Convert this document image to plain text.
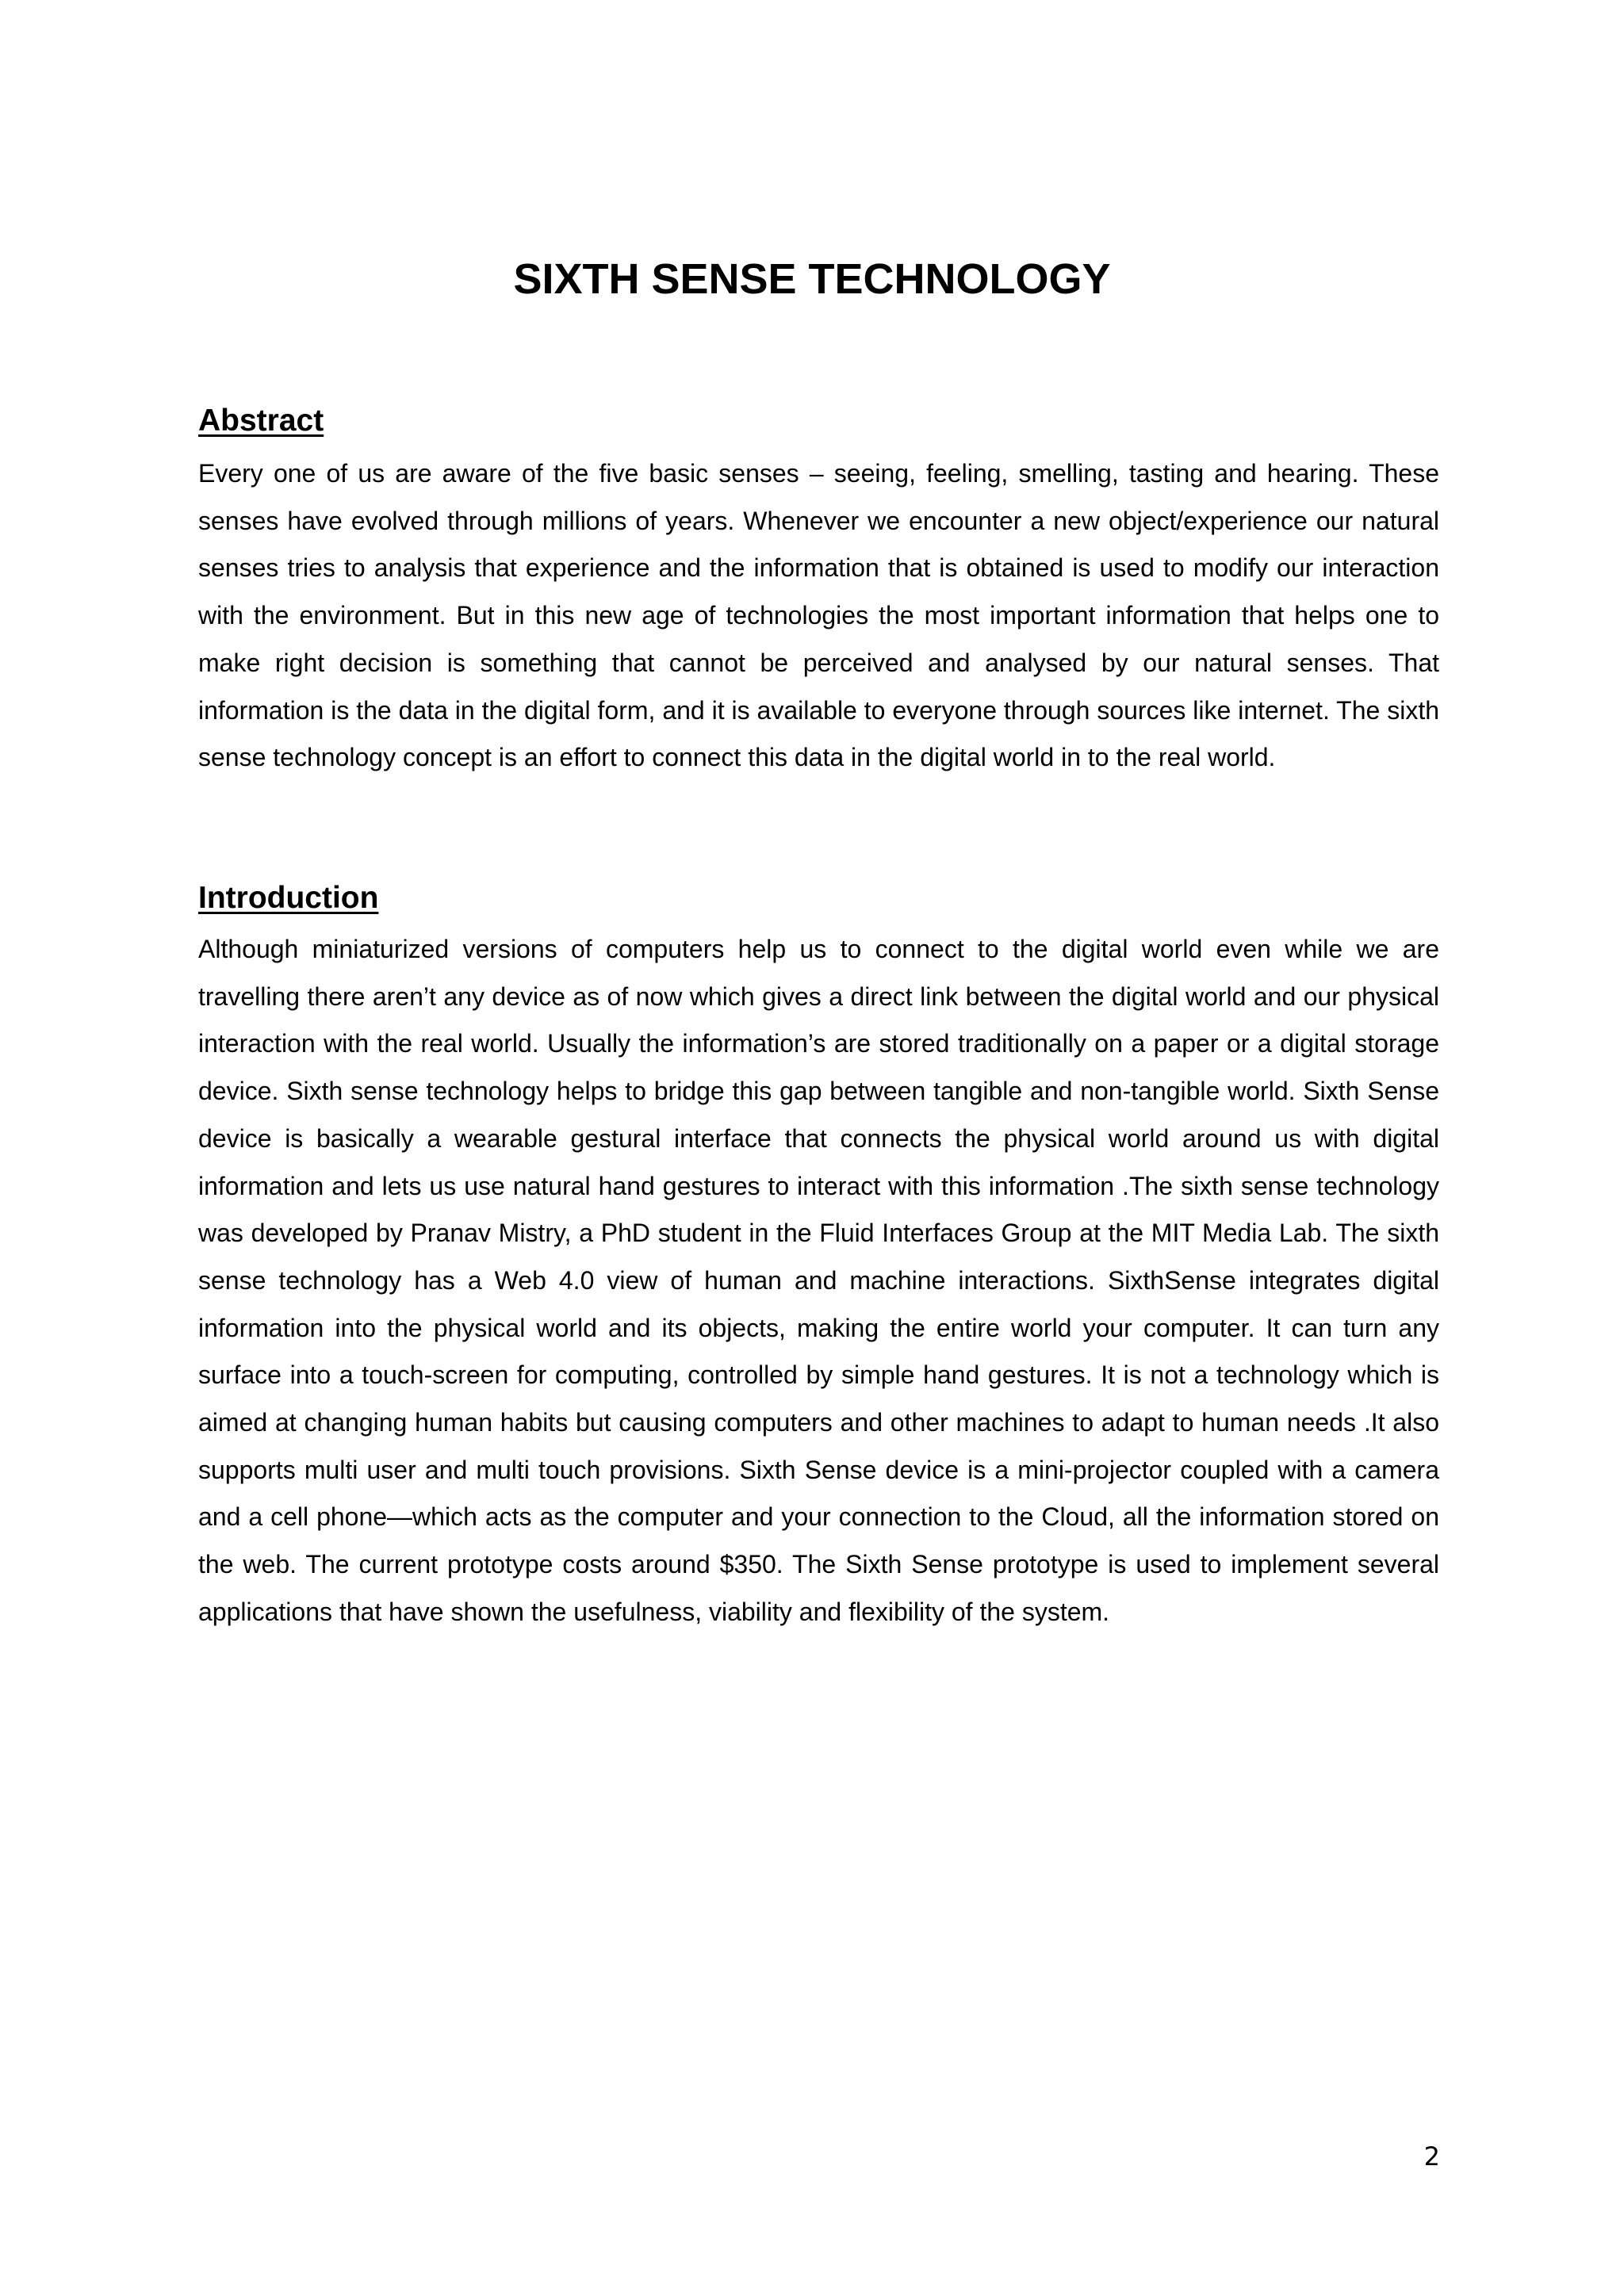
SIXTH SENSE TECHNOLOGY
Abstract

Every one of us are aware of the five basic senses – seeing, feeling, smelling, tasting and hearing. These senses have evolved through millions of years. Whenever we encounter a new object/experience our natural senses tries to analysis that experience and the information that is obtained is used to modify our interaction with the environment. But in this new age of technologies the most important information that helps one to make right decision is something that cannot be perceived and analysed by our natural senses. That information is the data in the digital form, and it is available to everyone through sources like internet. The sixth sense technology concept is an effort to connect this data in the digital world in to the real world.

Introduction

Although miniaturized versions of computers help us to connect to the digital world even while we are travelling there aren’t any device as of now which gives a direct link between the digital world and our physical interaction with the real world. Usually the information’s are stored traditionally on a paper or a digital storage device. Sixth sense technology helps to bridge this gap between tangible and non-tangible world. Sixth Sense device is basically a wearable gestural interface that connects the physical world around us with digital information and lets us use natural hand gestures to interact with this information .The sixth sense technology was developed by Pranav Mistry, a PhD student in the Fluid Interfaces Group at the MIT Media Lab. The sixth sense technology has a Web 4.0 view of human and machine interactions. SixthSense integrates digital information into the physical world and its objects, making the entire world your computer. It can turn any surface into a touch-screen for computing, controlled by simple hand gestures. It is not a technology which is aimed at changing human habits but causing computers and other machines to adapt to human needs .It also supports multi user and multi touch provisions. Sixth Sense device is a mini-projector coupled with a camera and a cell phone—which acts as the computer and your connection to the Cloud, all the information stored on the web. The current prototype costs around $350. The Sixth Sense prototype is used to implement several applications that have shown the usefulness, viability and flexibility of the system.

2
